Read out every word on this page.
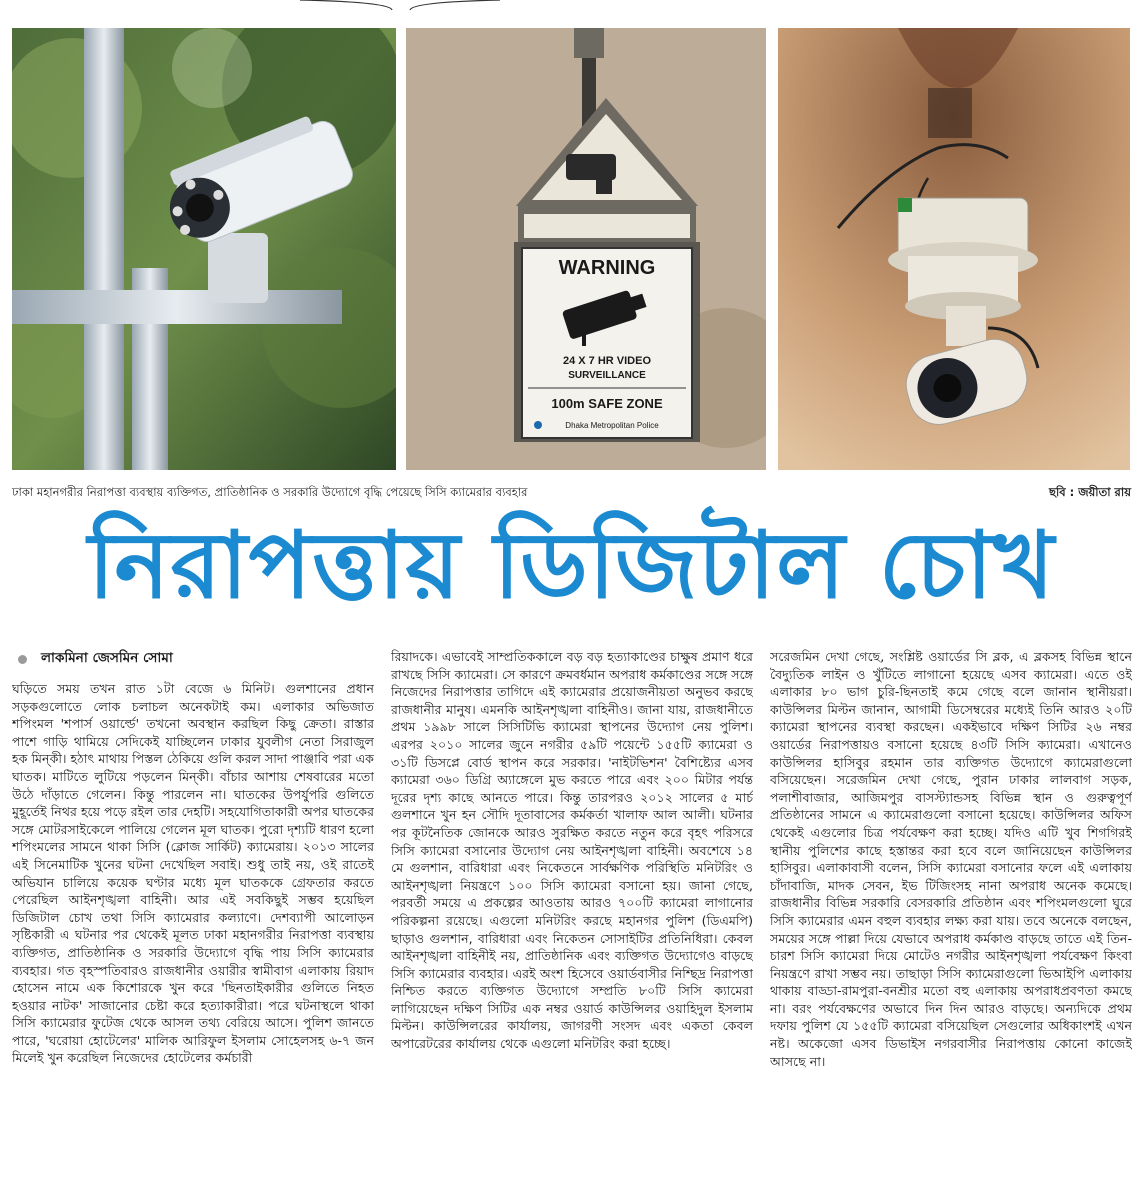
WARNING
24 X 7 HR VIDEO
SURVEILLANCE
100m SAFE ZONE
Dhaka Metropolitan Police
ঢাকা মহানগরীর নিরাপত্তা ব্যবস্থায় ব্যক্তিগত, প্রাতিষ্ঠানিক ও সরকারি উদ্যোগে বৃদ্ধি পেয়েছে সিসি ক্যামেরার ব্যবহার	ছবি : জয়ীতা রায়
নিরাপত্তায় ডিজিটাল চোখ
লাকমিনা জেসমিন সোমা

ঘড়িতে সময় তখন রাত ১টা বেজে ৬ মিনিট। গুলশানের প্রধান সড়কগুলোতে লোক চলাচল অনেকটাই কম। এলাকার অভিজাত শপিংমল 'শপার্স ওয়ার্ল্ডে' তখনো অবস্থান করছিল কিছু ক্রেতা। রাস্তার পাশে গাড়ি থামিয়ে সেদিকেই যাচ্ছিলেন ঢাকার যুবলীগ নেতা সিরাজুল হক মিন্কী। হঠাৎ মাথায় পিস্তল ঠেকিয়ে গুলি করল সাদা পাঞ্জাবি পরা এক ঘাতক। মাটিতে লুটিয়ে পড়লেন মিন্কী। বাঁচার আশায় শেষবারের মতো উঠে দাঁড়াতে গেলেন। কিন্তু পারলেন না। ঘাতকের উপর্যুপরি গুলিতে মুহূর্তেই নিথর হয়ে পড়ে রইল তার দেহটি। সহযোগিতাকারী অপর ঘাতকের সঙ্গে মোটরসাইকেলে পালিয়ে গেলেন মূল ঘাতক। পুরো দৃশ্যটি ধারণ হলো শপিংমলের সামনে থাকা সিসি (ক্লোজ সার্কিট) ক্যামেরায়। ২০১৩ সালের এই সিনেমাটিক খুনের ঘটনা দেখেছিল সবাই। শুধু তাই নয়, ওই রাতেই অভিযান চালিয়ে কয়েক ঘণ্টার মধ্যে মূল ঘাতককে গ্রেফতার করতে পেরেছিল আইনশৃঙ্খলা বাহিনী। আর এই সবকিছুই সম্ভব হয়েছিল ডিজিটাল চোখ তথা সিসি ক্যামেরার কল্যাণে। দেশব্যাপী আলোড়ন সৃষ্টিকারী এ ঘটনার পর থেকেই মূলত ঢাকা মহানগরীর নিরাপত্তা ব্যবস্থায় ব্যক্তিগত, প্রাতিষ্ঠানিক ও সরকারি উদ্যোগে বৃদ্ধি পায় সিসি ক্যামেরার ব্যবহার। গত বৃহস্পতিবারও রাজধানীর ওয়ারীর স্বামীবাগ এলাকায় রিয়াদ হোসেন নামে এক কিশোরকে খুন করে 'ছিনতাইকারীর গুলিতে নিহত হওয়ার নাটক' সাজানোর চেষ্টা করে হত্যাকারীরা। পরে ঘটনাস্থলে থাকা সিসি ক্যামেরার ফুটেজ থেকে আসল তথ্য বেরিয়ে আসে। পুলিশ জানতে পারে, 'ঘরোয়া হোটেলের' মালিক আরিফুল ইসলাম সোহেলসহ ৬-৭ জন মিলেই খুন করেছিল নিজেদের হোটেলের কর্মচারী

রিয়াদকে। এভাবেই সাম্প্রতিককালে বড় বড় হত্যাকাণ্ডের চাক্ষুষ প্রমাণ ধরে রাখছে সিসি ক্যামেরা। সে কারণে ক্রমবর্ধমান অপরাধ কর্মকাণ্ডের সঙ্গে সঙ্গে নিজেদের নিরাপত্তার তাগিদে এই ক্যামেরার প্রয়োজনীয়তা অনুভব করছে রাজধানীর মানুষ। এমনকি আইনশৃঙ্খলা বাহিনীও। জানা যায়, রাজধানীতে প্রথম ১৯৯৮ সালে সিসিটিভি ক্যামেরা স্থাপনের উদ্যোগ নেয় পুলিশ। এরপর ২০১০ সালের জুনে নগরীর ৫৯টি পয়েন্টে ১৫৫টি ক্যামেরা ও ৩১টি ডিসপ্লে বোর্ড স্থাপন করে সরকার। 'নাইটভিশন' বৈশিষ্ট্যের এসব ক্যামেরা ৩৬০ ডিগ্রি অ্যাঙ্গেলে মুভ করতে পারে এবং ২০০ মিটার পর্যন্ত দূরের দৃশ্য কাছে আনতে পারে। কিন্তু তারপরও ২০১২ সালের ৫ মার্চ গুলশানে খুন হন সৌদি দূতাবাসের কর্মকর্তা খালাফ আল আলী। ঘটনার পর কূটনৈতিক জোনকে আরও সুরক্ষিত করতে নতুন করে বৃহৎ পরিসরে সিসি ক্যামেরা বসানোর উদ্যোগ নেয় আইনশৃঙ্খলা বাহিনী। অবশেষে ১৪ মে গুলশান, বারিধারা এবং নিকেতনে সার্বক্ষণিক পরিস্থিতি মনিটরিং ও আইনশৃঙ্খলা নিয়ন্ত্রণে ১০০ সিসি ক্যামেরা বসানো হয়। জানা গেছে, পরবর্তী সময়ে এ প্রকল্পের আওতায় আরও ৭০০টি ক্যামেরা লাগানোর পরিকল্পনা রয়েছে। এগুলো মনিটরিং করছে মহানগর পুলিশ (ডিএমপি) ছাড়াও গুলশান, বারিধারা এবং নিকেতন সোসাইটির প্রতিনিধিরা। কেবল আইনশৃঙ্খলা বাহিনীই নয়, প্রাতিষ্ঠানিক এবং ব্যক্তিগত উদ্যোগেও বাড়ছে সিসি ক্যামেরার ব্যবহার। এরই অংশ হিসেবে ওয়ার্ডবাসীর নিশ্ছিদ্র নিরাপত্তা নিশ্চিত করতে ব্যক্তিগত উদ্যোগে সম্প্রতি ৮০টি সিসি ক্যামেরা লাগিয়েছেন দক্ষিণ সিটির এক নম্বর ওয়ার্ড কাউন্সিলর ওয়াহিদুল ইসলাম মিল্টন। কাউন্সিলরের কার্যালয়, জাগরণী সংসদ এবং একতা কেবল অপারেটরের কার্যালয় থেকে এগুলো মনিটরিং করা হচ্ছে।

সরেজমিন দেখা গেছে, সংশ্লিষ্ট ওয়ার্ডের সি ব্লক, এ ব্লকসহ বিভিন্ন স্থানে বৈদ্যুতিক লাইন ও খুঁটিতে লাগানো হয়েছে এসব ক্যামেরা। এতে ওই এলাকার ৮০ ভাগ চুরি-ছিনতাই কমে গেছে বলে জানান স্থানীয়রা। কাউন্সিলর মিল্টন জানান, আগামী ডিসেম্বরের মধ্যেই তিনি আরও ২০টি ক্যামেরা স্থাপনের ব্যবস্থা করছেন। একইভাবে দক্ষিণ সিটির ২৬ নম্বর ওয়ার্ডের নিরাপত্তায়ও বসানো হয়েছে ৪৩টি সিসি ক্যামেরা। এখানেও কাউন্সিলর হাসিবুর রহমান তার ব্যক্তিগত উদ্যোগে ক্যামেরাগুলো বসিয়েছেন। সরেজমিন দেখা গেছে, পুরান ঢাকার লালবাগ সড়ক, পলাশীবাজার, আজিমপুর বাসস্ট্যান্ডসহ বিভিন্ন স্থান ও গুরুত্বপূর্ণ প্রতিষ্ঠানের সামনে এ ক্যামেরাগুলো বসানো হয়েছে। কাউন্সিলর অফিস থেকেই এগুলোর চিত্র পর্যবেক্ষণ করা হচ্ছে। যদিও এটি খুব শিগগিরই স্থানীয় পুলিশের কাছে হস্তান্তর করা হবে বলে জানিয়েছেন কাউন্সিলর হাসিবুর। এলাকাবাসী বলেন, সিসি ক্যামেরা বসানোর ফলে এই এলাকায় চাঁদাবাজি, মাদক সেবন, ইভ টিজিংসহ নানা অপরাধ অনেক কমেছে। রাজধানীর বিভিন্ন সরকারি বেসরকারি প্রতিষ্ঠান এবং শপিংমলগুলো ঘুরে সিসি ক্যামেরার এমন বহুল ব্যবহার লক্ষ্য করা যায়। তবে অনেকে বলছেন, সময়ের সঙ্গে পাল্লা দিয়ে যেভাবে অপরাধ কর্মকাণ্ড বাড়ছে তাতে এই তিন-চারশ সিসি ক্যামেরা দিয়ে মোটেও নগরীর আইনশৃঙ্খলা পর্যবেক্ষণ কিংবা নিয়ন্ত্রণে রাখা সম্ভব নয়। তাছাড়া সিসি ক্যামেরাগুলো ভিআইপি এলাকায় থাকায় বাড্ডা-রামপুরা-বনশ্রীর মতো বহু এলাকায় অপরাধপ্রবণতা কমছে না। বরং পর্যবেক্ষণের অভাবে দিন দিন আরও বাড়ছে। অন্যদিকে প্রথম দফায় পুলিশ যে ১৫৫টি ক্যামেরা বসিয়েছিল সেগুলোর অধিকাংশই এখন নষ্ট। অকেজো এসব ডিভাইস নগরবাসীর নিরাপত্তায় কোনো কাজেই আসছে না।
